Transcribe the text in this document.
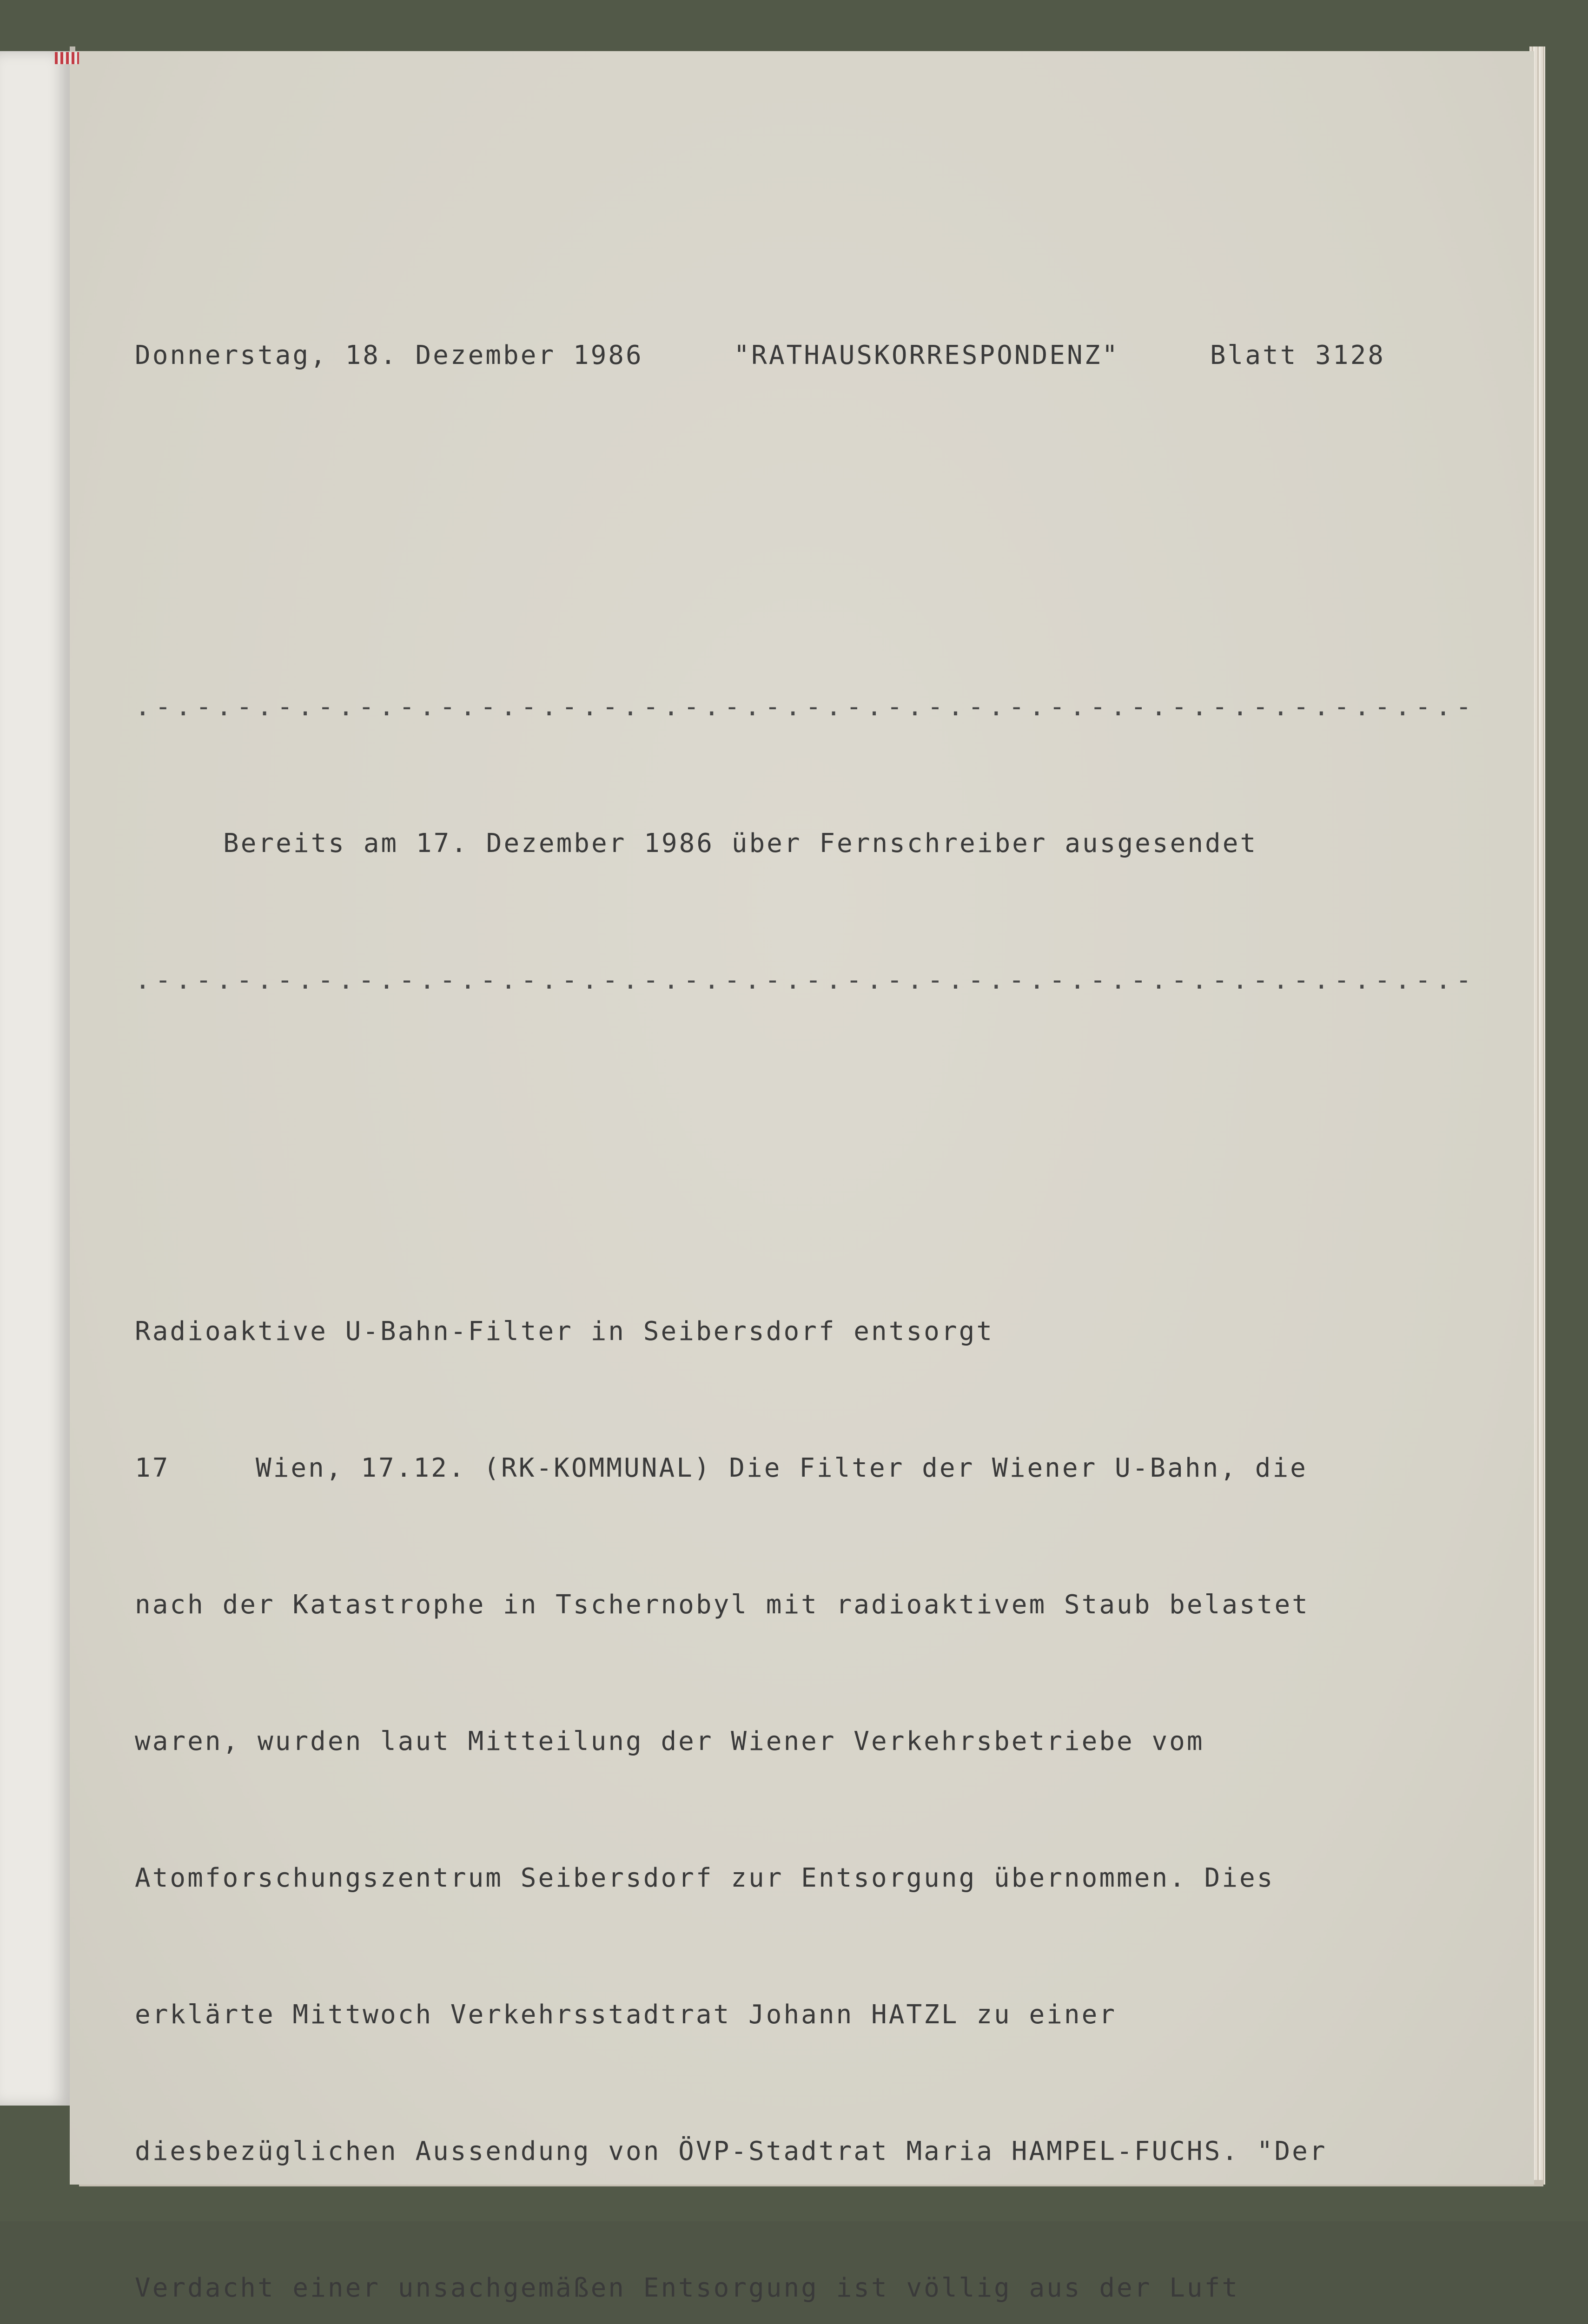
Donnerstag, 18. Dezember 1986	"RATHAUSKORRESPONDENZ"	Blatt 3128

.-.-.-.-.-.-.-.-.-.-.-.-.-.-.-.-.-.-.-.-.-.-.-.-.-.-.-.-.-.-.-.-.-

Bereits am 17. Dezember 1986 über Fernschreiber ausgesendet

.-.-.-.-.-.-.-.-.-.-.-.-.-.-.-.-.-.-.-.-.-.-.-.-.-.-.-.-.-.-.-.-.-

Radioaktive U-Bahn-Filter in Seibersdorf entsorgt

17	Wien, 17.12. (RK-KOMMUNAL) Die Filter der Wiener U-Bahn, die

nach der Katastrophe in Tschernobyl mit radioaktivem Staub belastet

waren, wurden laut Mitteilung der Wiener Verkehrsbetriebe vom

Atomforschungszentrum Seibersdorf zur Entsorgung übernommen. Dies

erklärte Mittwoch Verkehrsstadtrat Johann HATZL zu einer

diesbezüglichen Aussendung von ÖVP-Stadtrat Maria HAMPEL-FUCHS. "Der

Verdacht einer unsachgemäßen Entsorgung ist völlig aus der Luft
